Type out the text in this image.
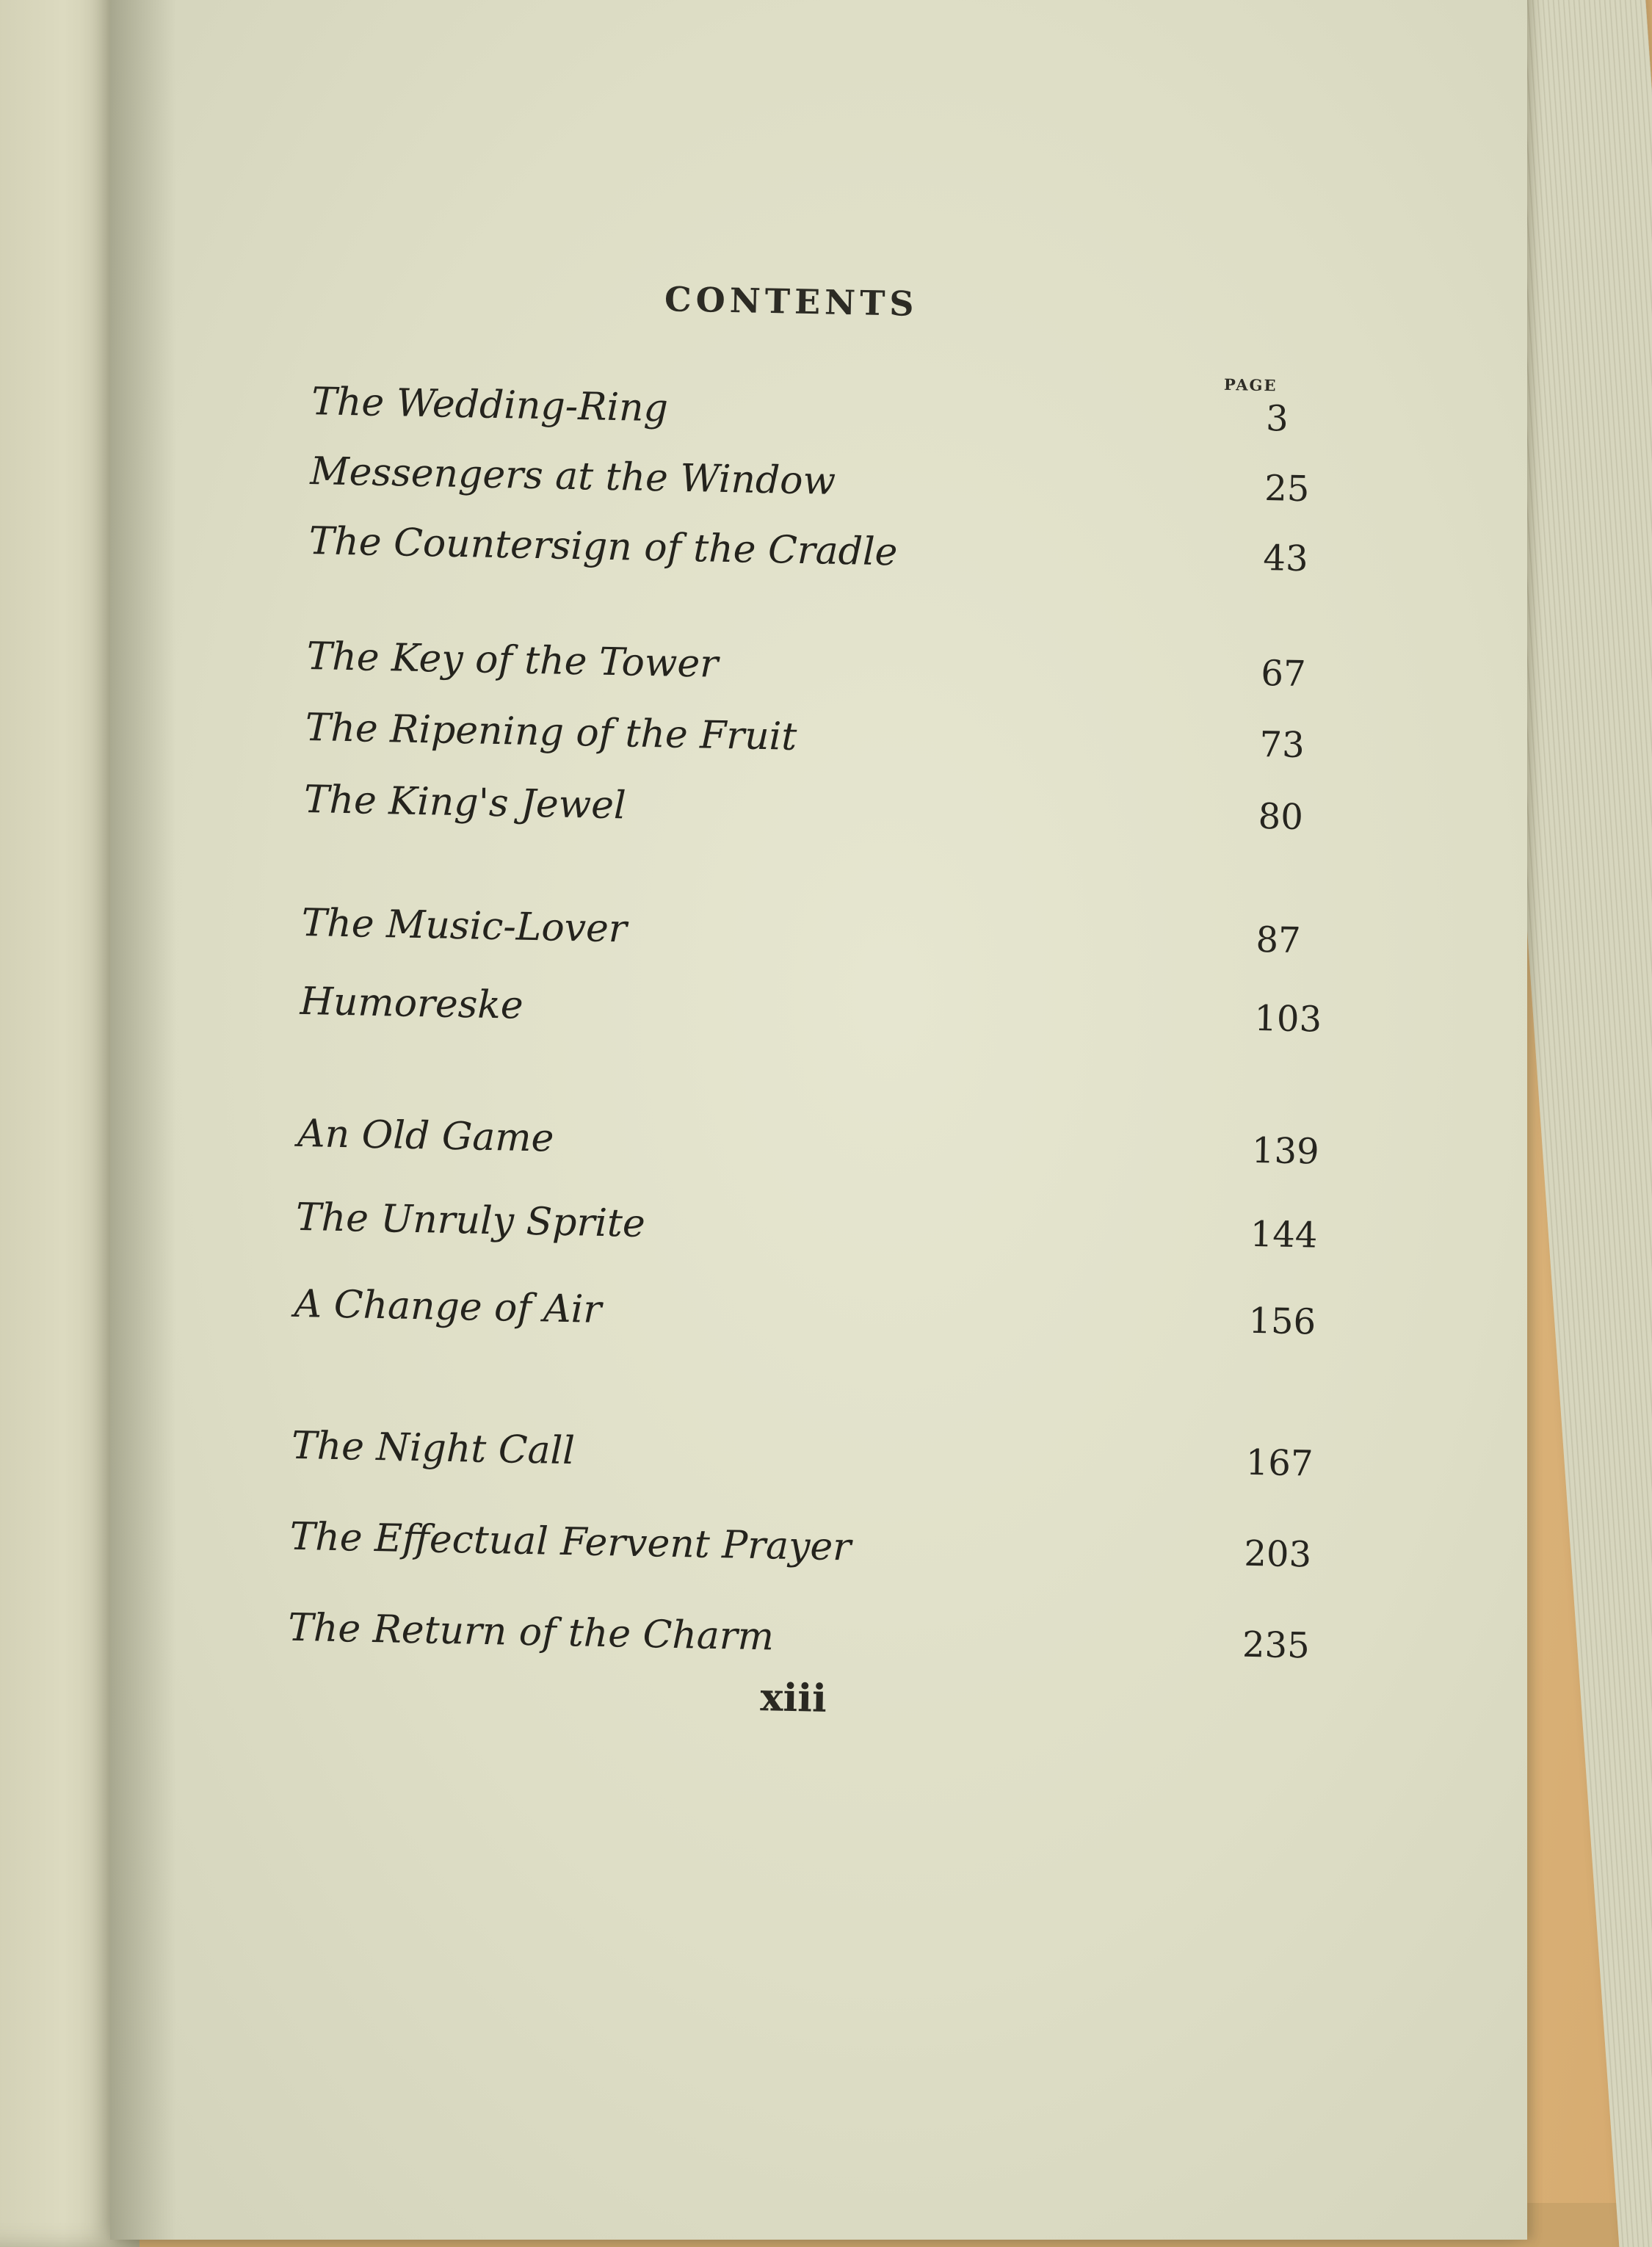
CONTENTS
PAGE
The Wedding-Ring	3
Messengers at the Window	25
The Countersign of the Cradle	43
The Key of the Tower	67
The Ripening of the Fruit	73
The King's Jewel	80
The Music-Lover	87
Humoreske	103
An Old Game	139
The Unruly Sprite	144
A Change of Air	156
The Night Call	167
The Effectual Fervent Prayer	203
The Return of the Charm	235
xiii
